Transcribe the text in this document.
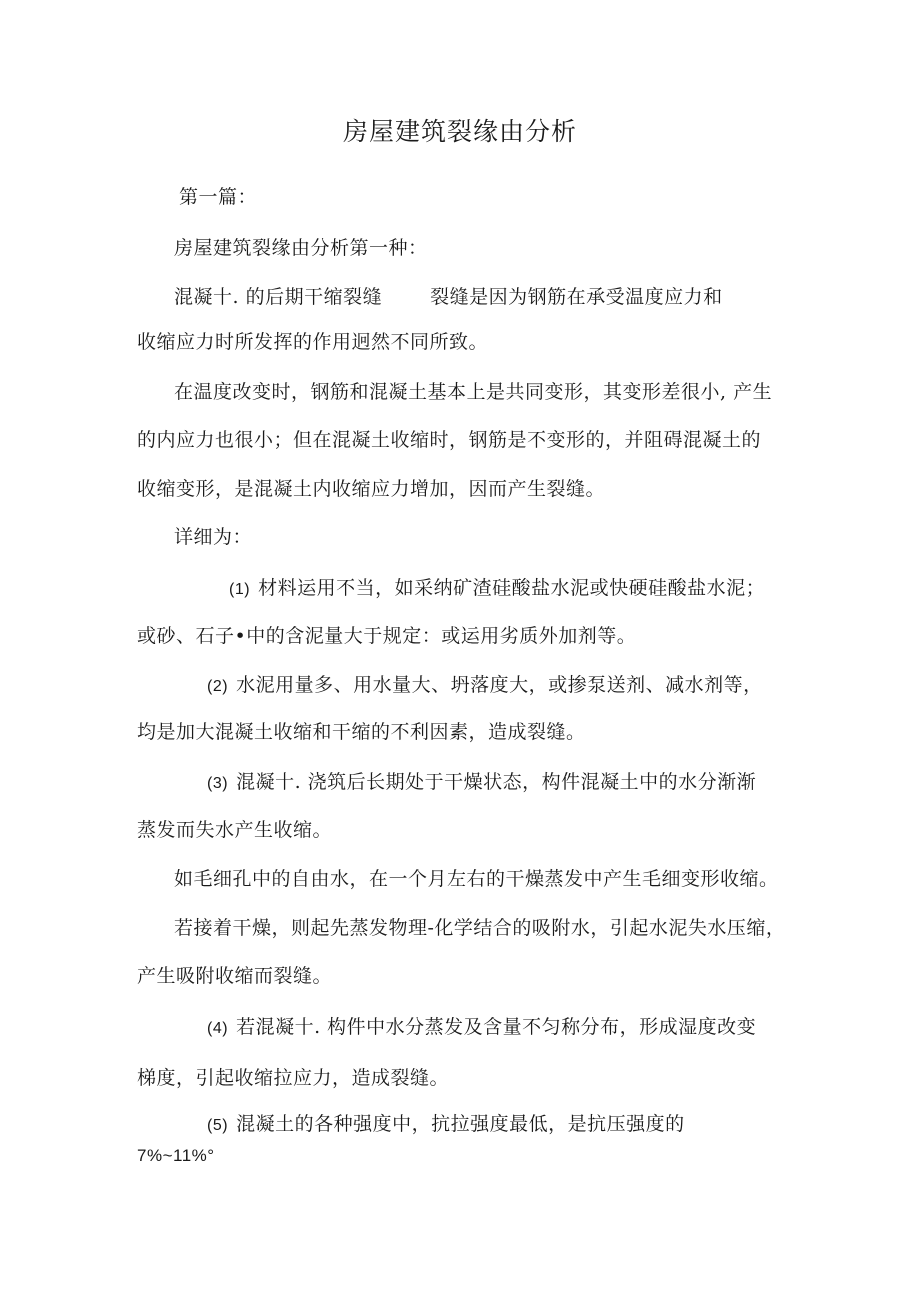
房屋建筑裂缘由分析
第一篇：
房屋建筑裂缘由分析第一种：
混凝十. 的后期干缩裂缝	裂缝是因为钢筋在承受温度应力和
收缩应力时所发挥的作用迥然不同所致。
在温度改变时，钢筋和混凝土基本上是共同变形，其变形差很小, 产生
的内应力也很小；但在混凝土收缩时，钢筋是不变形的，并阻碍混凝土的
收缩变形，是混凝土内收缩应力增加，因而产生裂缝。
详细为：
(1) 材料运用不当，如采纳矿渣硅酸盐水泥或快硬硅酸盐水泥；
或砂、石子•中的含泥量大于规定：或运用劣质外加剂等。
(2) 水泥用量多、用水量大、坍落度大，或掺泵送剂、减水剂等，
均是加大混凝土收缩和干缩的不利因素，造成裂缝。
(3) 混凝十. 浇筑后长期处于干燥状态，构件混凝土中的水分渐渐
蒸发而失水产生收缩。
如毛细孔中的自由水，在一个月左右的干燥蒸发中产生毛细变形收缩。
若接着干燥，则起先蒸发物理-化学结合的吸附水，引起水泥失水压缩，
产生吸附收缩而裂缝。
(4) 若混凝十. 构件中水分蒸发及含量不匀称分布，形成湿度改变
梯度，引起收缩拉应力，造成裂缝。
(5) 混凝土的各种强度中，抗拉强度最低，是抗压强度的
7%~11%°
